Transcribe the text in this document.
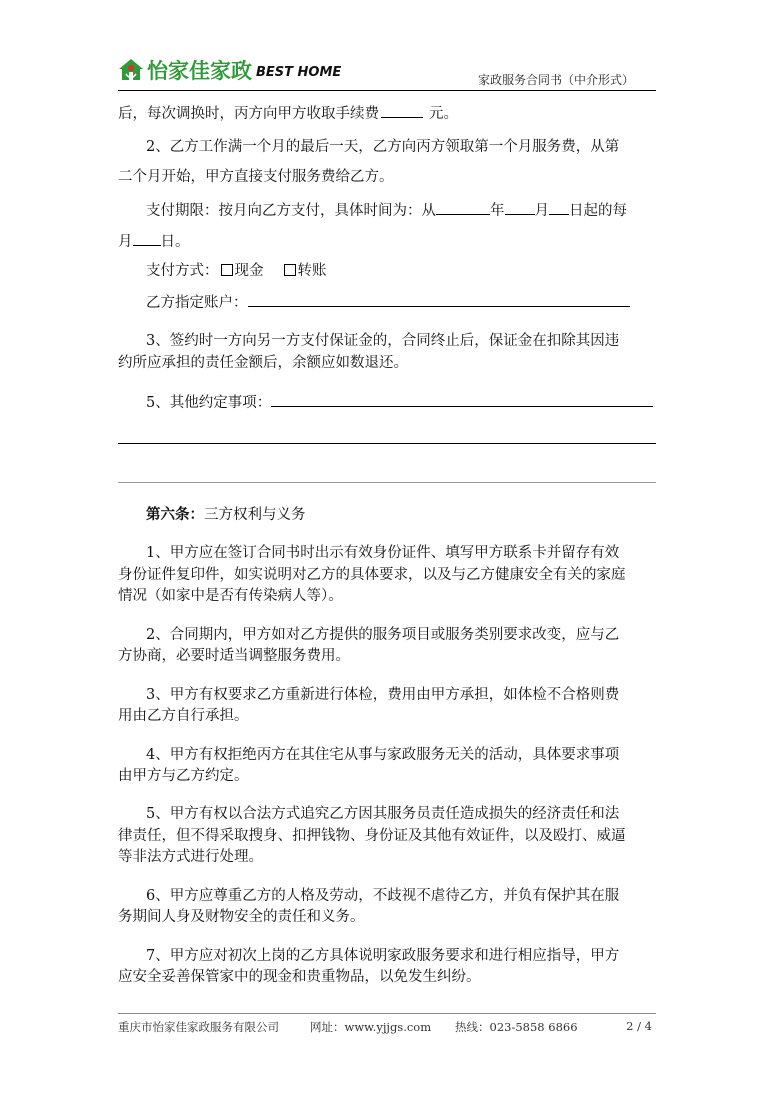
怡家佳家政 BEST HOME
家政服务合同书（中介形式）
后，每次调换时，丙方向甲方收取手续费	元。
2、乙方工作满一个月的最后一天，乙方向丙方领取第一个月服务费，从第
二个月开始，甲方直接支付服务费给乙方。
支付期限：按月向乙方支付，具体时间为：从	年 月 日起的每
月 日。
支付方式： 现金 转账
乙方指定账户：
3、签约时一方向另一方支付保证金的，合同终止后，保证金在扣除其因违
约所应承担的责任金额后，余额应如数退还。
5、其他约定事项：
第六条：三方权利与义务
1、甲方应在签订合同书时出示有效身份证件、填写甲方联系卡并留存有效
身份证件复印件，如实说明对乙方的具体要求，以及与乙方健康安全有关的家庭
情况（如家中是否有传染病人等）。
2、合同期内，甲方如对乙方提供的服务项目或服务类别要求改变，应与乙
方协商，必要时适当调整服务费用。
3、甲方有权要求乙方重新进行体检，费用由甲方承担，如体检不合格则费
用由乙方自行承担。
4、甲方有权拒绝丙方在其住宅从事与家政服务无关的活动，具体要求事项
由甲方与乙方约定。
5、甲方有权以合法方式追究乙方因其服务员责任造成损失的经济责任和法
律责任，但不得采取搜身、扣押钱物、身份证及其他有效证件，以及殴打、威逼
等非法方式进行处理。
6、甲方应尊重乙方的人格及劳动，不歧视不虐待乙方，并负有保护其在服
务期间人身及财物安全的责任和义务。
7、甲方应对初次上岗的乙方具体说明家政服务要求和进行相应指导，甲方
应安全妥善保管家中的现金和贵重物品，以免发生纠纷。
重庆市怡家佳家政服务有限公司	网址：www.yjjgs.com 热线：023-5858 6866	2 / 4
